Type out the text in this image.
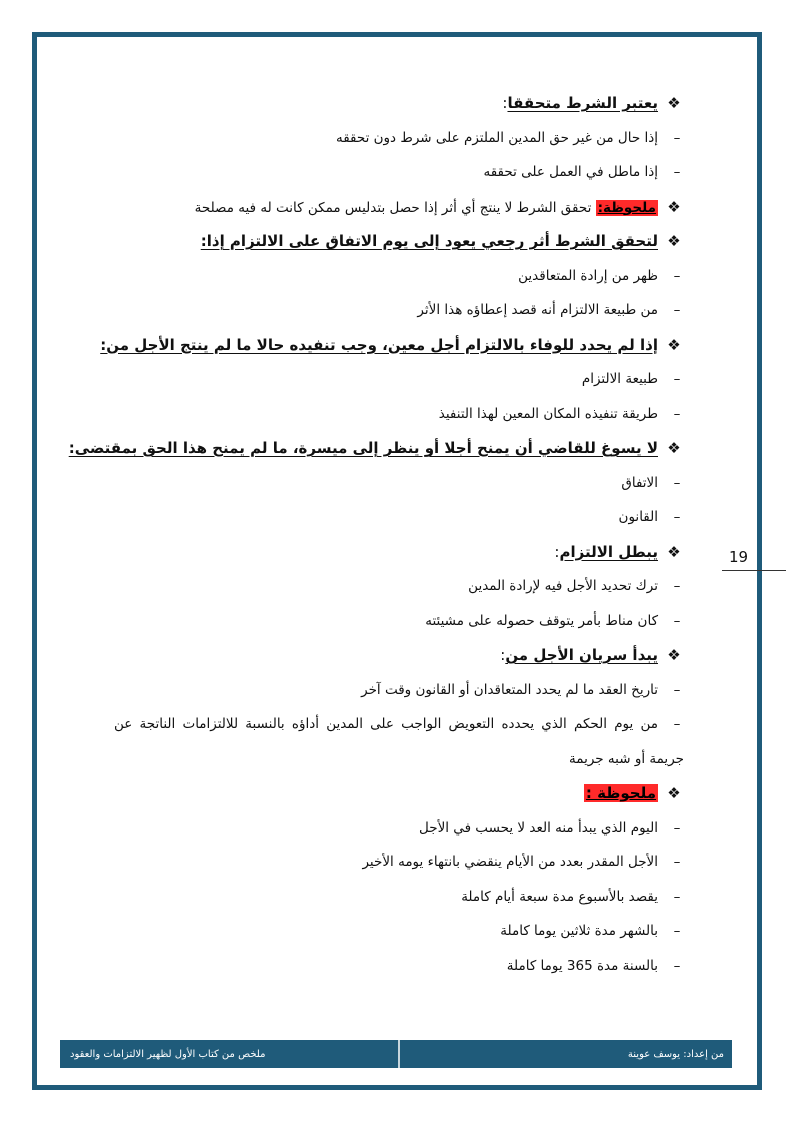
❖يعتبر الشرط متحققا:
–إذا حال من غير حق المدين الملتزم على شرط دون تحققه
–إذا ماطل في العمل على تحققه
❖ملحوظة: تحقق الشرط لا ينتج أي أثر إذا حصل بتدليس ممكن كانت له فيه مصلحة
❖لتحقق الشرط أثر رجعي يعود إلى يوم الاتفاق على الالتزام إذا:
–ظهر من إرادة المتعاقدين
–من طبيعة الالتزام أنه قصد إعطاؤه هذا الأثر
❖إذا لم يحدد للوفاء بالالتزام أجل معين، وجب تنفيده حالا ما لم ينتج الأجل من:
–طبيعة الالتزام
–طريقة تنفيذه المكان المعين لهذا التنفيذ
❖لا يسوغ للقاضي أن يمنح أجلا أو ينظر إلى ميسرة، ما لم يمنح هذا الحق بمقتضى:
–الاتفاق
–القانون
❖يبطل الالتزام:
–ترك تحديد الأجل فيه لإرادة المدين
–كان مناط بأمر يتوقف حصوله على مشيئته
❖يبدأ سريان الأجل من:
–تاريخ العقد ما لم يحدد المتعاقدان أو القانون وقت آخر
–من يوم الحكم الذي يحدده التعويض الواجب على المدين أداؤه بالنسبة للالتزامات الناتجة عن جريمة أو شبه جريمة
❖ملحوظة :
–اليوم الذي يبدأ منه العد لا يحسب في الأجل
–الأجل المقدر بعدد من الأيام ينقضي بانتهاء يومه الأخير
–يقصد بالأسبوع مدة سبعة أيام كاملة
–بالشهر مدة ثلاثين يوما كاملة
–بالسنة مدة 365 يوما كاملة
19
ملخص من كتاب الأول لظهير الالتزامات والعقود	من إعداد: يوسف عوينة
